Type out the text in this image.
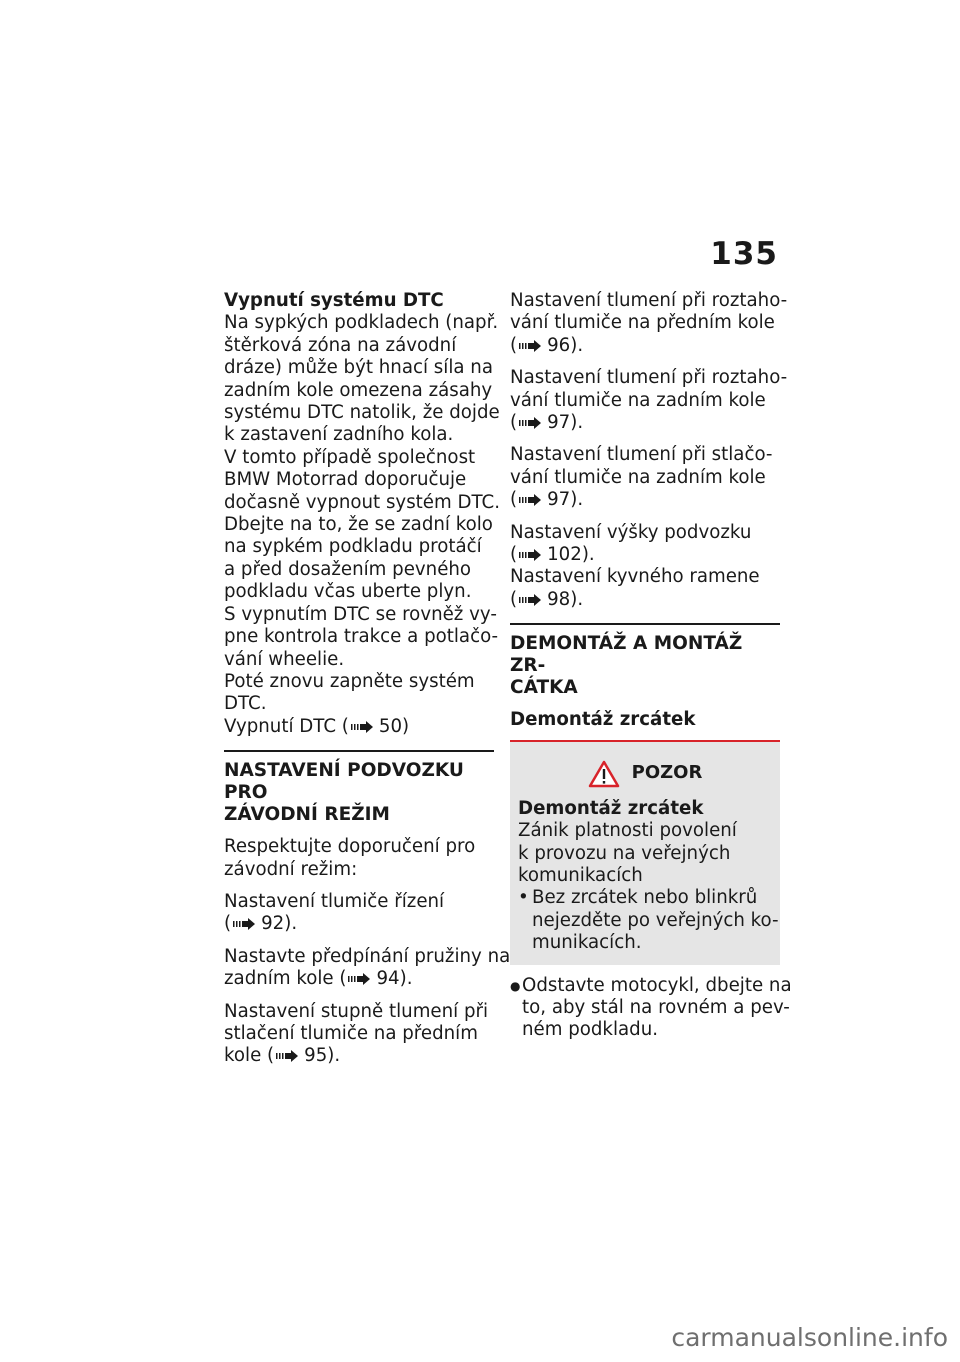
135
Vypnutí systému DTC
Na sypkých podkladech (např.
štěrková zóna na závodní
dráze) může být hnací síla na
zadním kole omezena zásahy
systému DTC natolik, že dojde
k zastavení zadního kola.
V tomto případě společnost
BMW Motorrad doporučuje
dočasně vypnout systém DTC.
Dbejte na to, že se zadní kolo
na sypkém podkladu protáčí
a před dosažením pevného
podkladu včas uberte plyn.
S vypnutím DTC se rovněž vy-
pne kontrola trakce a potlačo-
vání wheelie.
Poté znovu zapněte systém
DTC.
Vypnutí DTC ( 50)
NASTAVENÍ PODVOZKU PRO
ZÁVODNÍ REŽIM
Respektujte doporučení pro
závodní režim:
Nastavení tlumiče řízení
( 92).
Nastavte předpínání pružiny na
zadním kole ( 94).
Nastavení stupně tlumení při
stlačení tlumiče na předním
kole ( 95).
Nastavení tlumení při roztaho-
vání tlumiče na předním kole
( 96).
Nastavení tlumení při roztaho-
vání tlumiče na zadním kole
( 97).
Nastavení tlumení při stlačo-
vání tlumiče na zadním kole
( 97).
Nastavení výšky podvozku
( 102).
Nastavení kyvného ramene
( 98).
DEMONTÁŽ A MONTÁŽ ZR-
CÁTKA
Demontáž zrcátek
POZOR
Demontáž zrcátek
Zánik platnosti povolení
k provozu na veřejných
komunikacích
• Bez zrcátek nebo blinkrů
nejezděte po veřejných ko-
munikacích.
● Odstavte motocykl, dbejte na
to, aby stál na rovném a pev-
ném podkladu.
carmanualsonline.info
